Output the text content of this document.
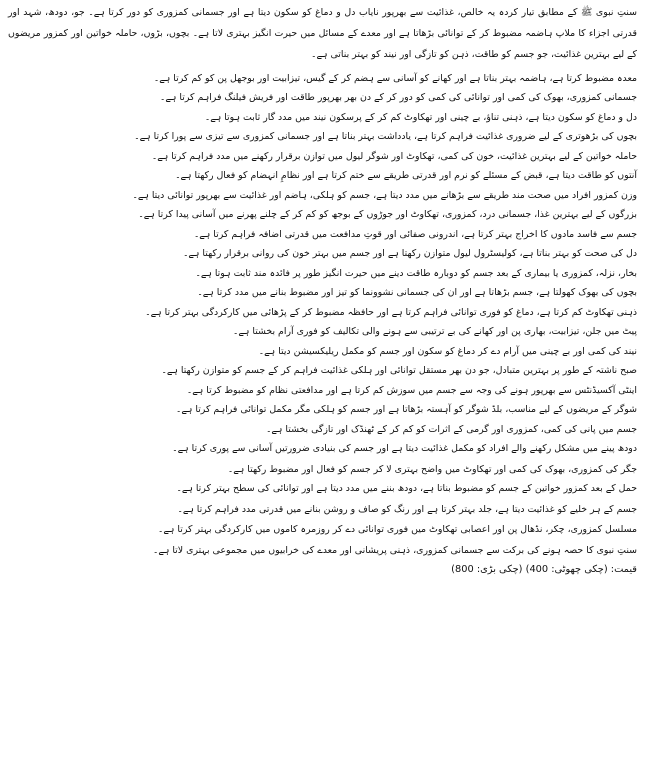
سنتِ نبوی ﷺ کے مطابق تیار کردہ یہ خالص، غذائیت سے بھرپور نایاب دل و دماغ کو سکون دیتا ہے اور جسمانی کمزوری کو دور کرتا ہے۔ جو، دودھ، شہد اور قدرتی اجزاء کا ملاپ ہاضمہ مضبوط کر کے توانائی بڑھاتا ہے اور معدے کے مسائل میں حیرت انگیز بہتری لاتا ہے۔ بچوں، بڑوں، حاملہ خواتین اور کمزور مریضوں کے لیے بہترین غذائیت، جو جسم کو طاقت، ذہن کو تازگی اور نیند کو بہتر بناتی ہے۔

معدہ مضبوط کرتا ہے، ہاضمہ بہتر بناتا ہے اور کھانے کو آسانی سے ہضم کر کے گیس، تیزابیت اور بوجھل پن کو کم کرتا ہے۔
جسمانی کمزوری، بھوک کی کمی اور توانائی کی کمی کو دور کر کے دن بھر بھرپور طاقت اور فریش فیلنگ فراہم کرتا ہے۔
دل و دماغ کو سکون دیتا ہے، ذہنی تناؤ، بے چینی اور تھکاوٹ کم کر کے پرسکون نیند میں مدد گار ثابت ہوتا ہے۔
بچوں کی بڑھوتری کے لیے ضروری غذائیت فراہم کرتا ہے، یادداشت بہتر بناتا ہے اور جسمانی کمزوری سے تیزی سے پورا کرتا ہے۔
حاملہ خواتین کے لیے بہترین غذائیت، خون کی کمی، تھکاوٹ اور شوگر لیول میں توازن برقرار رکھنے میں مدد فراہم کرتا ہے۔
آنتوں کو طاقت دیتا ہے، قبض کے مسئلے کو نرم اور قدرتی طریقے سے ختم کرتا ہے اور نظامِ انہضام کو فعال رکھتا ہے۔
وزن کمزور افراد میں صحت مند طریقے سے بڑھانے میں مدد دیتا ہے، جسم کو ہلکی، ہاضم اور غذائیت سے بھرپور توانائی دیتا ہے۔
بزرگوں کے لیے بہترین غذا، جسمانی درد، کمزوری، تھکاوٹ اور جوڑوں کے بوجھ کو کم کر کے چلنے پھرنے میں آسانی پیدا کرتا ہے۔
جسم سے فاسد مادوں کا اخراج بہتر کرتا ہے، اندرونی صفائی اور قوتِ مدافعت میں قدرتی اضافہ فراہم کرتا ہے۔
دل کی صحت کو بہتر بناتا ہے، کولیسٹرول لیول متوازن رکھتا ہے اور جسم میں بہتر خون کی روانی برقرار رکھتا ہے۔
بخار، نزلہ، کمزوری یا بیماری کے بعد جسم کو دوبارہ طاقت دینے میں حیرت انگیز طور پر فائدہ مند ثابت ہوتا ہے۔
بچوں کی بھوک کھولتا ہے، جسم بڑھاتا ہے اور ان کی جسمانی نشوونما کو تیز اور مضبوط بنانے میں مدد کرتا ہے۔
ذہنی تھکاوٹ کم کرتا ہے، دماغ کو فوری توانائی فراہم کرتا ہے اور حافظہ مضبوط کر کے پڑھائی میں کارکردگی بہتر کرتا ہے۔
پیٹ میں جلن، تیزابیت، بھاری پن اور کھانے کی بے ترتیبی سے ہونے والی تکالیف کو فوری آرام بخشتا ہے۔
نیند کی کمی اور بے چینی میں آرام دے کر دماغ کو سکون اور جسم کو مکمل ریلیکسیشن دیتا ہے۔
صبح ناشتہ کے طور پر بہترین متبادل، جو دن بھر مستقل توانائی اور ہلکی غذائیت فراہم کر کے جسم کو متوازن رکھتا ہے۔
اینٹی آکسیڈنٹس سے بھرپور ہونے کی وجہ سے جسم میں سوزش کم کرتا ہے اور مدافعتی نظام کو مضبوط کرتا ہے۔
شوگر کے مریضوں کے لیے مناسب، بلڈ شوگر کو آہستہ بڑھاتا ہے اور جسم کو ہلکی مگر مکمل توانائی فراہم کرتا ہے۔
جسم میں پانی کی کمی، کمزوری اور گرمی کے اثرات کو کم کر کے ٹھنڈک اور تازگی بخشتا ہے۔
دودھ پینے میں مشکل رکھنے والے افراد کو مکمل غذائیت دیتا ہے اور جسم کی بنیادی ضرورتیں آسانی سے پوری کرتا ہے۔
جگر کی کمزوری، بھوک کی کمی اور تھکاوٹ میں واضح بہتری لا کر جسم کو فعال اور مضبوط رکھتا ہے۔
حمل کے بعد کمزور خواتین کے جسم کو مضبوط بناتا ہے، دودھ بننے میں مدد دیتا ہے اور توانائی کی سطح بہتر کرتا ہے۔
جسم کے ہر خلیے کو غذائیت دیتا ہے، جلد بہتر کرتا ہے اور رنگ کو صاف و روشن بنانے میں قدرتی مدد فراہم کرتا ہے۔
مسلسل کمزوری، چکر، نڈھال پن اور اعصابی تھکاوٹ میں فوری توانائی دے کر روزمرہ کاموں میں کارکردگی بہتر کرتا ہے۔

سنتِ نبوی کا حصہ ہونے کی برکت سے جسمانی کمزوری، ذہنی پریشانی اور معدے کی خرابیوں میں مجموعی بہتری لاتا ہے۔

قیمت: (چکی چھوٹی: 400) (چکی بڑی: 800)
